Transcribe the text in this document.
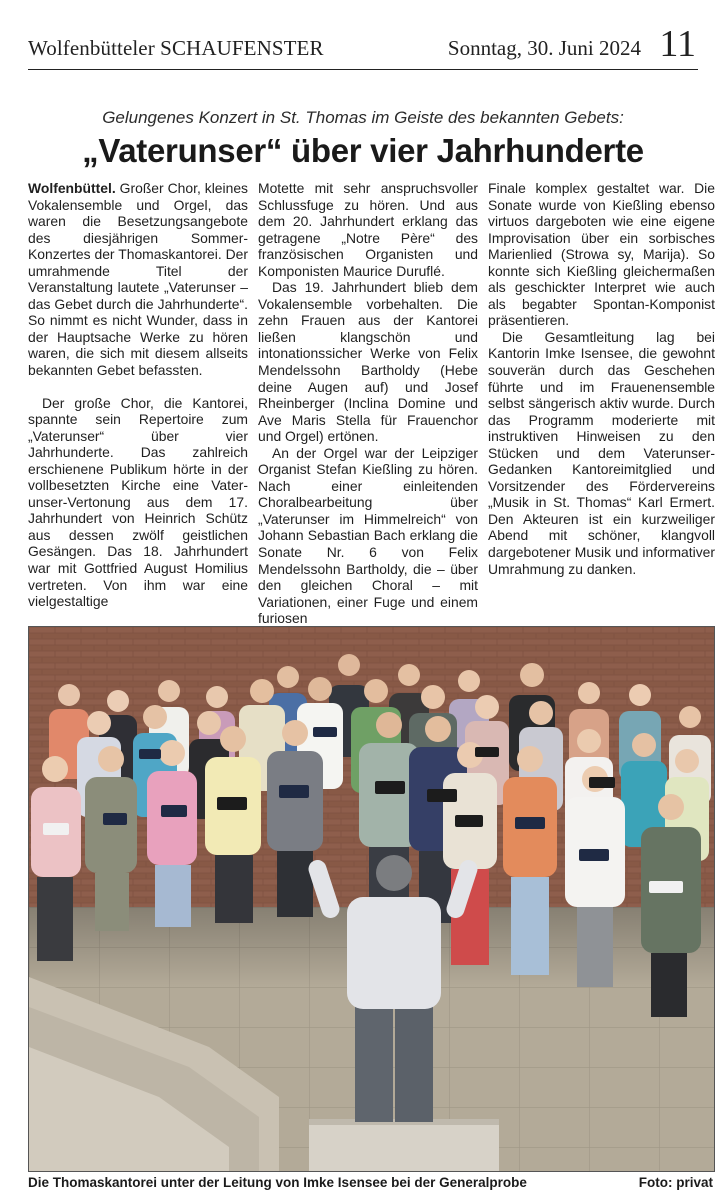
Wolfenbütteler SCHAUFENSTER	Sonntag, 30. Juni 2024 11
Gelungenes Konzert in St. Thomas im Geiste des bekannten Gebets:
„Vaterunser“ über vier Jahrhunderte

Wolfenbüttel. Großer Chor, kleines Vokalensemble und Orgel, das waren die Besetzungsangebote des diesjährigen Sommer-Konzertes der Thomaskantorei. Der umrahmende Titel der Veranstaltung lautete „Vaterunser – das Gebet durch die Jahrhunderte“. So nimmt es nicht Wunder, dass in der Hauptsache Werke zu hören waren, die sich mit diesem allseits bekannten Gebet befassten.

Der große Chor, die Kantorei, spannte sein Repertoire zum „Vaterunser“ über vier Jahrhunderte. Das zahlreich erschienene Publikum hörte in der vollbesetzten Kirche eine Vater-unser-Vertonung aus dem 17. Jahrhundert von Heinrich Schütz aus dessen zwölf geistlichen Gesängen. Das 18. Jahrhundert war mit Gottfried August Homilius vertreten. Von ihm war eine vielgestaltige

Motette mit sehr anspruchsvoller Schlussfuge zu hören. Und aus dem 20. Jahrhundert erklang das getragene „Notre Père“ des französischen Organisten und Komponisten Maurice Duruflé.

Das 19. Jahrhundert blieb dem Vokalensemble vorbehalten. Die zehn Frauen aus der Kantorei ließen klangschön und intonationssicher Werke von Felix Mendelssohn Bartholdy (Hebe deine Augen auf) und Josef Rheinberger (Inclina Domine und Ave Maris Stella für Frauenchor und Orgel) ertönen.

An der Orgel war der Leipziger Organist Stefan Kießling zu hören. Nach einer einleitenden Choralbearbeitung über „Vaterunser im Himmelreich“ von Johann Sebastian Bach erklang die Sonate Nr. 6 von Felix Mendelssohn Bartholdy, die – über den gleichen Choral – mit Variationen, einer Fuge und einem furiosen

Finale komplex gestaltet war. Die Sonate wurde von Kießling ebenso virtuos dargeboten wie eine eigene Improvisation über ein sorbisches Marienlied (Strowa sy, Marija). So konnte sich Kießling gleichermaßen als geschickter Interpret wie auch als begabter Spontan-Komponist präsentieren.

Die Gesamtleitung lag bei Kantorin Imke Isensee, die gewohnt souverän durch das Geschehen führte und im Frauenensemble selbst sängerisch aktiv wurde. Durch das Programm moderierte mit instruktiven Hinweisen zu den Stücken und dem Vaterunser-Gedanken Kantoreimitglied und Vorsitzender des Fördervereins „Musik in St. Thomas“ Karl Ermert. Den Akteuren ist ein kurzweiliger Abend mit schöner, klangvoll dargebotener Musik und informativer Umrahmung zu danken.

Die Thomaskantorei unter der Leitung von Imke Isensee bei der Generalprobe	Foto: privat
